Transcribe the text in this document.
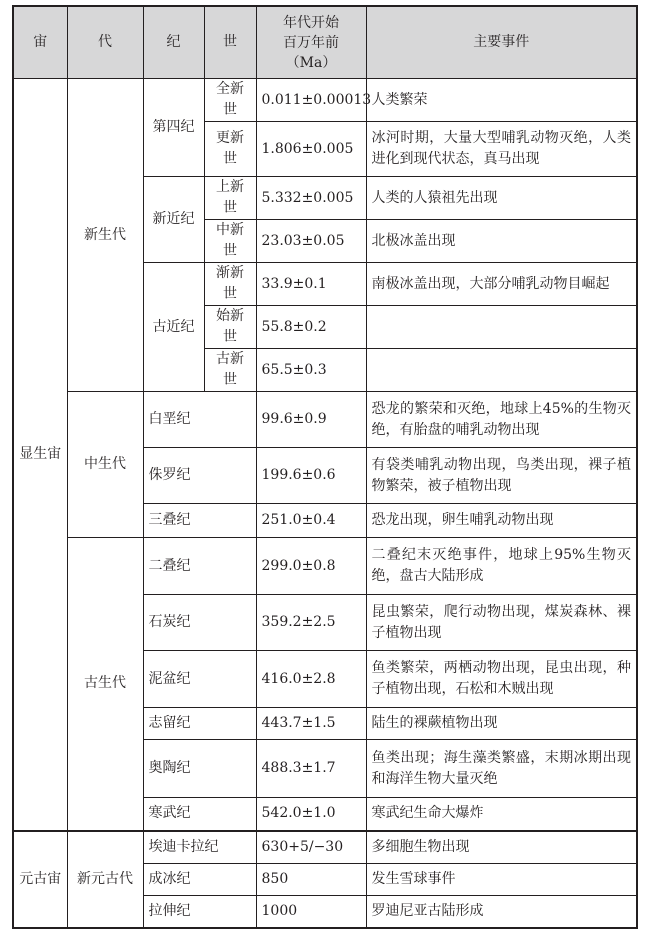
宙	代	纪	世	年代开始
百万年前
（Ma）	主要事件
显生宙	新生代	第四纪	全新世	0.011±0.00013	人类繁荣
			更新世	1.806±0.005	冰河时期，大量大型哺乳动物灭绝，人类进化到现代状态，真马出现
		新近纪	上新世	5.332±0.005	人类的人猿祖先出现
			中新世	23.03±0.05	北极冰盖出现
		古近纪	渐新世	33.9±0.1	南极冰盖出现，大部分哺乳动物目崛起
			始新世	55.8±0.2	
			古新世	65.5±0.3	
	中生代	白垩纪		99.6±0.9	恐龙的繁荣和灭绝，地球上45%的生物灭绝，有胎盘的哺乳动物出现
		侏罗纪		199.6±0.6	有袋类哺乳动物出现，鸟类出现，裸子植物繁荣，被子植物出现
		三叠纪		251.0±0.4	恐龙出现，卵生哺乳动物出现
	古生代	二叠纪		299.0±0.8	二叠纪末灭绝事件，地球上95%生物灭绝，盘古大陆形成
		石炭纪		359.2±2.5	昆虫繁荣，爬行动物出现，煤炭森林、裸子植物出现
		泥盆纪		416.0±2.8	鱼类繁荣，两栖动物出现，昆虫出现，种子植物出现，石松和木贼出现
		志留纪		443.7±1.5	陆生的裸蕨植物出现
		奥陶纪		488.3±1.7	鱼类出现；海生藻类繁盛，末期冰期出现和海洋生物大量灭绝
		寒武纪		542.0±1.0	寒武纪生命大爆炸
元古宙	新元古代	埃迪卡拉纪		630+5/−30	多细胞生物出现
		成冰纪		850	发生雪球事件
		拉伸纪		1000	罗迪尼亚古陆形成
